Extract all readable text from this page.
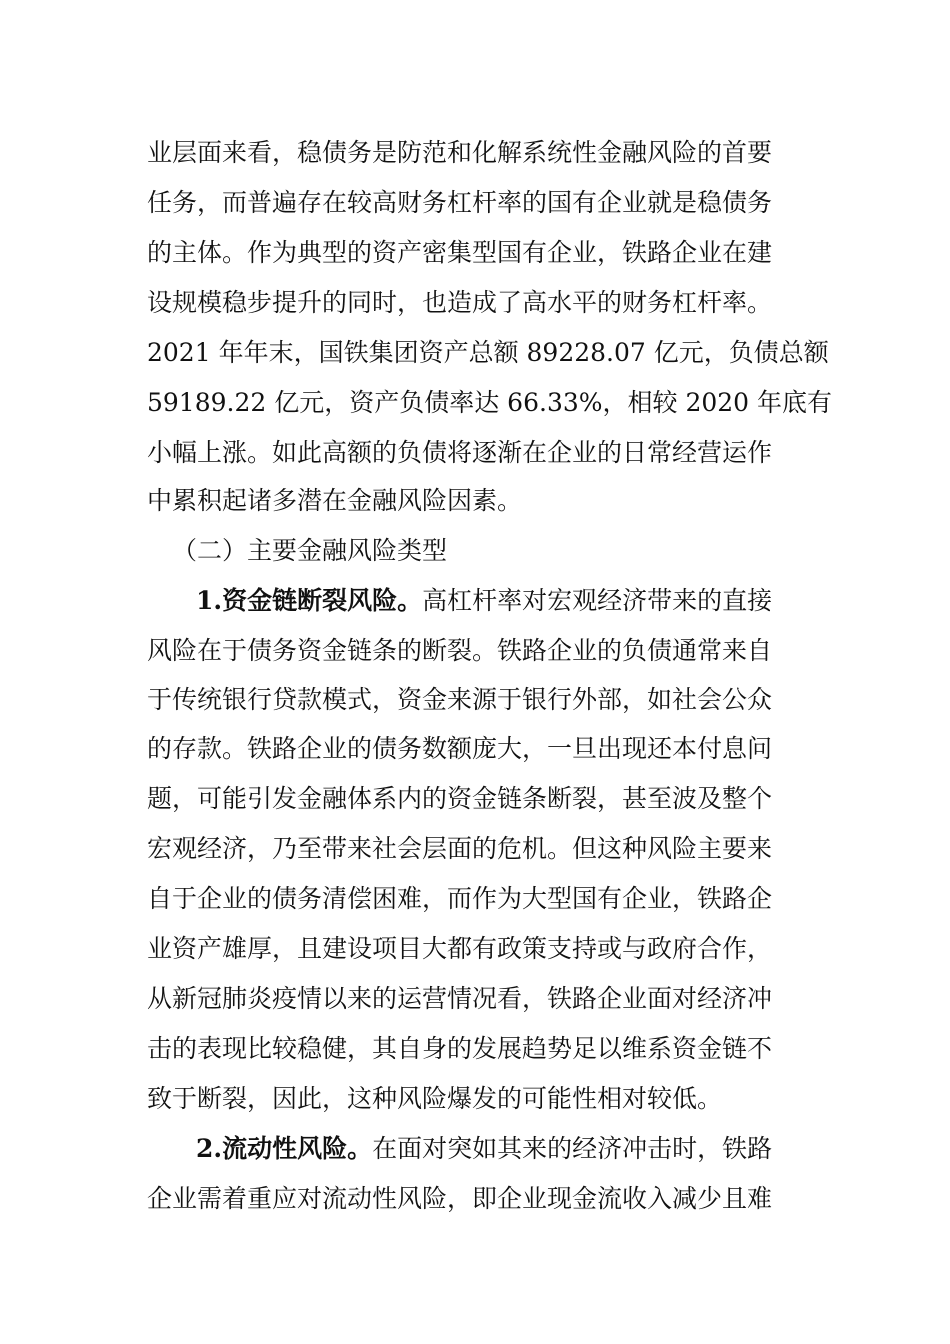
业层面来看，稳债务是防范和化解系统性金融风险的首要
任务，而普遍存在较高财务杠杆率的国有企业就是稳债务
的主体。作为典型的资产密集型国有企业，铁路企业在建
设规模稳步提升的同时，也造成了高水平的财务杠杆率。
2021 年年末，国铁集团资产总额 89228.07 亿元，负债总额
59189.22 亿元，资产负债率达 66.33%，相较 2020 年底有
小幅上涨。如此高额的负债将逐渐在企业的日常经营运作
中累积起诸多潜在金融风险因素。
（二）主要金融风险类型
1.资金链断裂风险。高杠杆率对宏观经济带来的直接
风险在于债务资金链条的断裂。铁路企业的负债通常来自
于传统银行贷款模式，资金来源于银行外部，如社会公众
的存款。铁路企业的债务数额庞大，一旦出现还本付息问
题，可能引发金融体系内的资金链条断裂，甚至波及整个
宏观经济，乃至带来社会层面的危机。但这种风险主要来
自于企业的债务清偿困难，而作为大型国有企业，铁路企
业资产雄厚，且建设项目大都有政策支持或与政府合作，
从新冠肺炎疫情以来的运营情况看，铁路企业面对经济冲
击的表现比较稳健，其自身的发展趋势足以维系资金链不
致于断裂，因此，这种风险爆发的可能性相对较低。
2.流动性风险。在面对突如其来的经济冲击时，铁路
企业需着重应对流动性风险，即企业现金流收入减少且难
